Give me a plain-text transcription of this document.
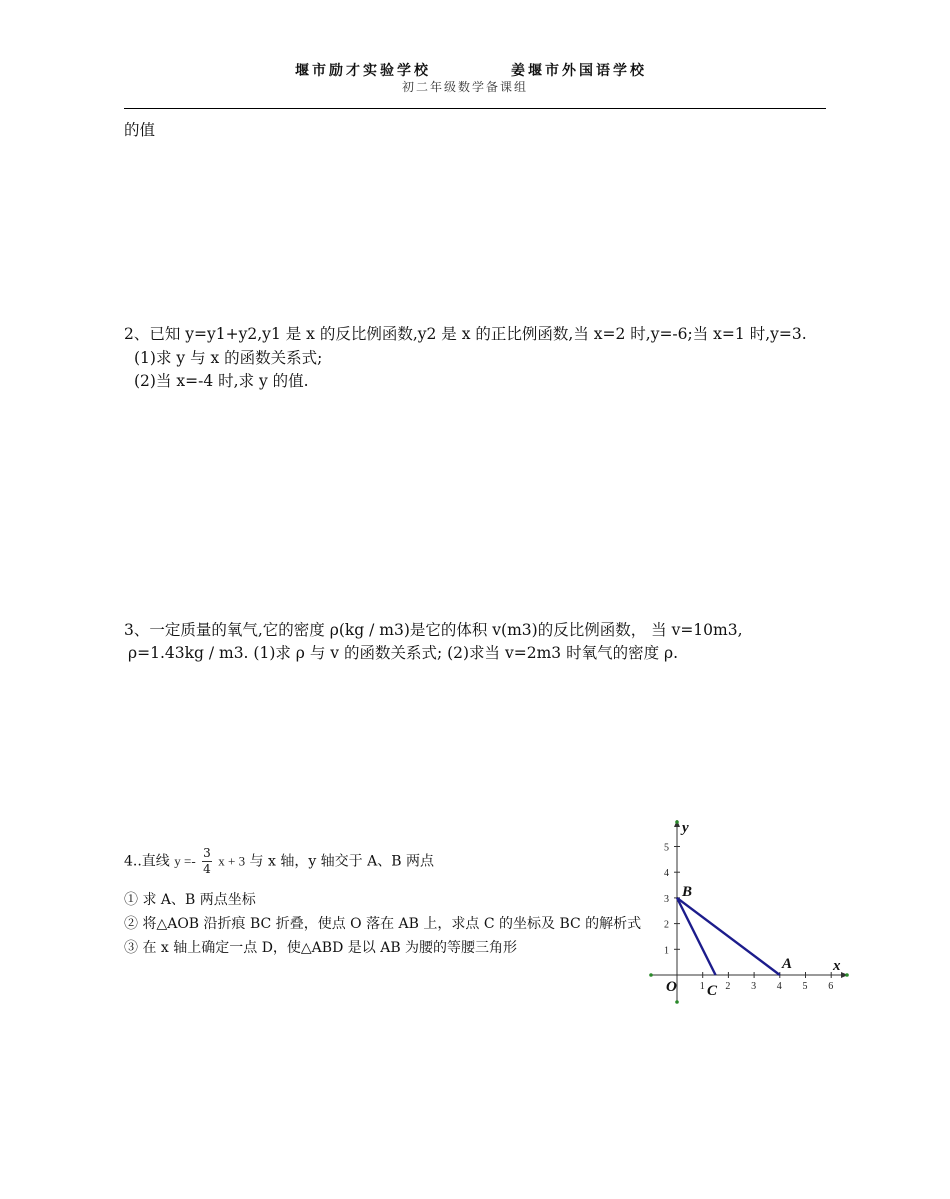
堰市励才实验学校	姜堰市外国语学校
初二年级数学备课组
的值
2、已知 y=y1+y2,y1 是 x 的反比例函数,y2 是 x 的正比例函数,当 x=2 时,y=-6;当 x=1 时,y=3.
(1)求 y 与 x 的函数关系式;
(2)当 x=-4 时,求 y 的值.
3、一定质量的氧气,它的密度 ρ(kg / m3)是它的体积 v(m3)的反比例函数， 当 v=10m3,
ρ=1.43kg / m3. (1)求 ρ 与 v 的函数关系式; (2)求当 v=2m3 时氧气的密度 ρ.
4..直线 $y =- \frac{3}{4}$ x + 3 与 x 轴，y 轴交于 A、B 两点
① 求 A、B 两点坐标
② 将△AOB 沿折痕 BC 折叠，使点 O 落在 AB 上，求点 C 的坐标及 BC 的解析式
③ 在 x 轴上确定一点 D，使△ABD 是以 AB 为腰的等腰三角形
x
y
O 1 2 3 4 5 6
1
2
3
4
5
A
B
C
